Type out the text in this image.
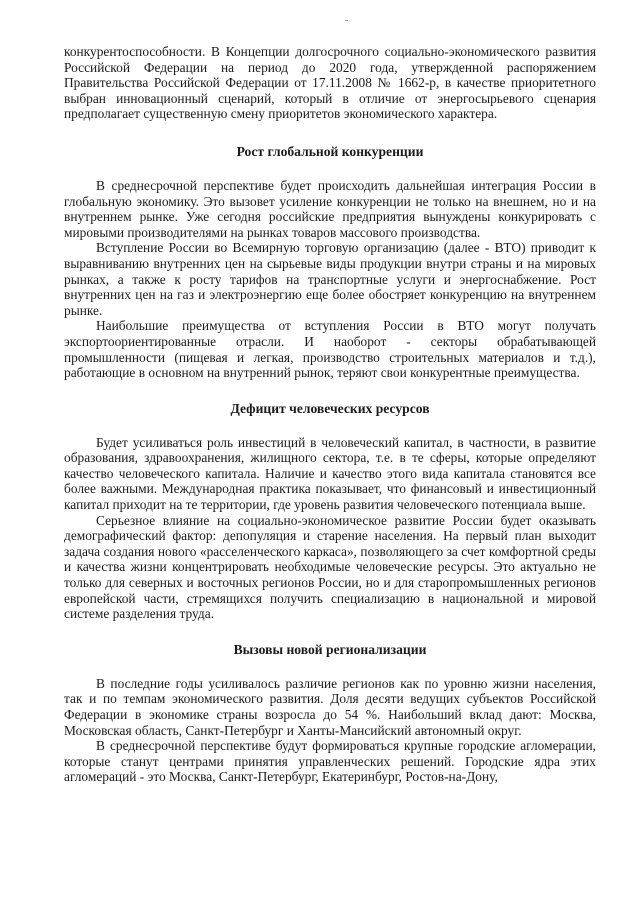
конкурентоспособности. В Концепции долгосрочного социально-экономического развития Российской Федерации на период до 2020 года, утвержденной распоряжением Правительства Российской Федерации от 17.11.2008 № 1662-р, в качестве приоритетного выбран инновационный сценарий, который в отличие от энергосырьевого сценария предполагает существенную смену приоритетов экономического характера.

Рост глобальной конкуренции

В среднесрочной перспективе будет происходить дальнейшая интеграция России в глобальную экономику. Это вызовет усиление конкуренции не только на внешнем, но и на внутреннем рынке. Уже сегодня российские предприятия вынуждены конкурировать с мировыми производителями на рынках товаров массового производства.

Вступление России во Всемирную торговую организацию (далее - ВТО) приводит к выравниванию внутренних цен на сырьевые виды продукции внутри страны и на мировых рынках, а также к росту тарифов на транспортные услуги и энергоснабжение. Рост внутренних цен на газ и электроэнергию еще более обостряет конкуренцию на внутреннем рынке.

Наибольшие преимущества от вступления России в ВТО могут получать экспортоориентированные отрасли. И наоборот - секторы обрабатывающей промышленности (пищевая и легкая, производство строительных материалов и т.д.), работающие в основном на внутренний рынок, теряют свои конкурентные преимущества.

Дефицит человеческих ресурсов

Будет усиливаться роль инвестиций в человеческий капитал, в частности, в развитие образования, здравоохранения, жилищного сектора, т.е. в те сферы, которые определяют качество человеческого капитала. Наличие и качество этого вида капитала становятся все более важными. Международная практика показывает, что финансовый и инвестиционный капитал приходит на те территории, где уровень развития человеческого потенциала выше.

Серьезное влияние на социально-экономическое развитие России будет оказывать демографический фактор: депопуляция и старение населения. На первый план выходит задача создания нового «расселенческого каркаса», позволяющего за счет комфортной среды и качества жизни концентрировать необходимые человеческие ресурсы. Это актуально не только для северных и восточных регионов России, но и для старопромышленных регионов европейской части, стремящихся получить специализацию в национальной и мировой системе разделения труда.

Вызовы новой регионализации

В последние годы усиливалось различие регионов как по уровню жизни населения, так и по темпам экономического развития. Доля десяти ведущих субъектов Российской Федерации в экономике страны возросла до 54 %. Наибольший вклад дают: Москва, Московская область, Санкт-Петербург и Ханты-Мансийский автономный округ.

В среднесрочной перспективе будут формироваться крупные городские агломерации, которые станут центрами принятия управленческих решений. Городские ядра этих агломераций - это Москва, Санкт-Петербург, Екатеринбург, Ростов-на-Дону,
